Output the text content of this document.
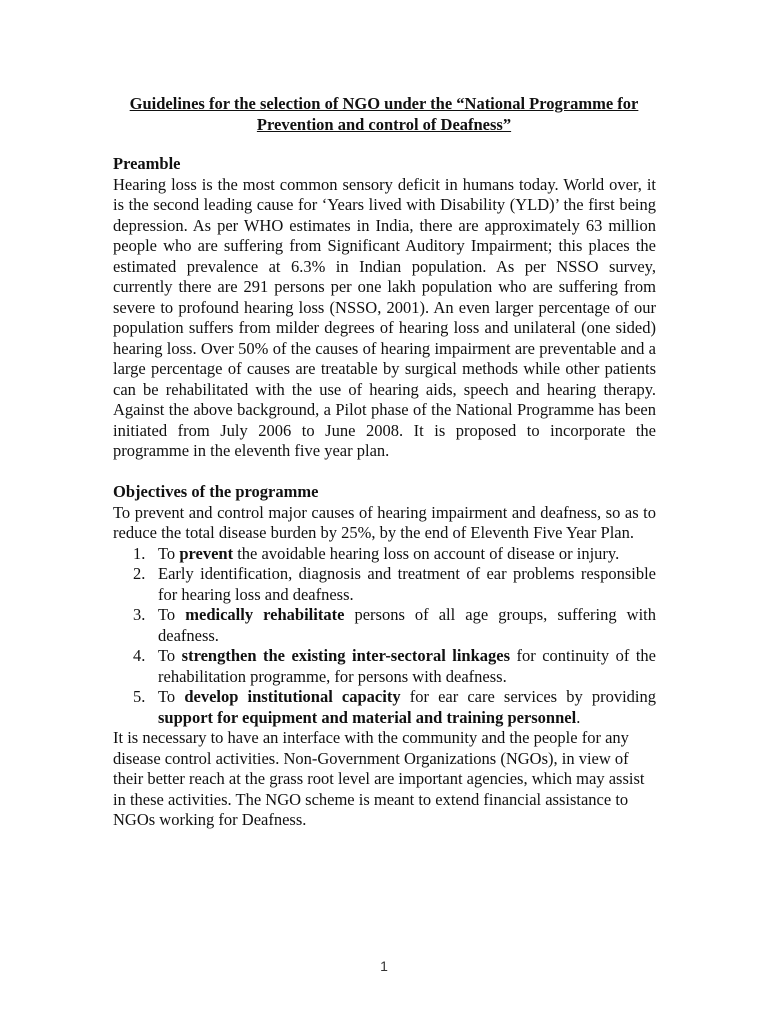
Guidelines for the selection of NGO under the “National Programme for Prevention and control of Deafness”

Preamble

Hearing loss is the most common sensory deficit in humans today. World over, it is the second leading cause for ‘Years lived with Disability (YLD)’ the first being depression. As per WHO estimates in India, there are approximately 63 million people who are suffering from Significant Auditory Impairment; this places the estimated prevalence at 6.3% in Indian population. As per NSSO survey, currently there are 291 persons per one lakh population who are suffering from severe to profound hearing loss (NSSO, 2001). An even larger percentage of our population suffers from milder degrees of hearing loss and unilateral (one sided) hearing loss. Over 50% of the causes of hearing impairment are preventable and a large percentage of causes are treatable by surgical methods while other patients can be rehabilitated with the use of hearing aids, speech and hearing therapy. Against the above background, a Pilot phase of the National Programme has been initiated from July 2006 to June 2008. It is proposed to incorporate the programme in the eleventh five year plan.

Objectives of the programme

To prevent and control major causes of hearing impairment and deafness, so as to reduce the total disease burden by 25%, by the end of Eleventh Five Year Plan.

1. To prevent the avoidable hearing loss on account of disease or injury.
2. Early identification, diagnosis and treatment of ear problems responsible for hearing loss and deafness.
3. To medically rehabilitate persons of all age groups, suffering with deafness.
4. To strengthen the existing inter-sectoral linkages for continuity of the rehabilitation programme, for persons with deafness.
5. To develop institutional capacity for ear care services by providing support for equipment and material and training personnel.

It is necessary to have an interface with the community and the people for any disease control activities. Non-Government Organizations (NGOs), in view of their better reach at the grass root level are important agencies, which may assist in these activities. The NGO scheme is meant to extend financial assistance to NGOs working for Deafness.

1
